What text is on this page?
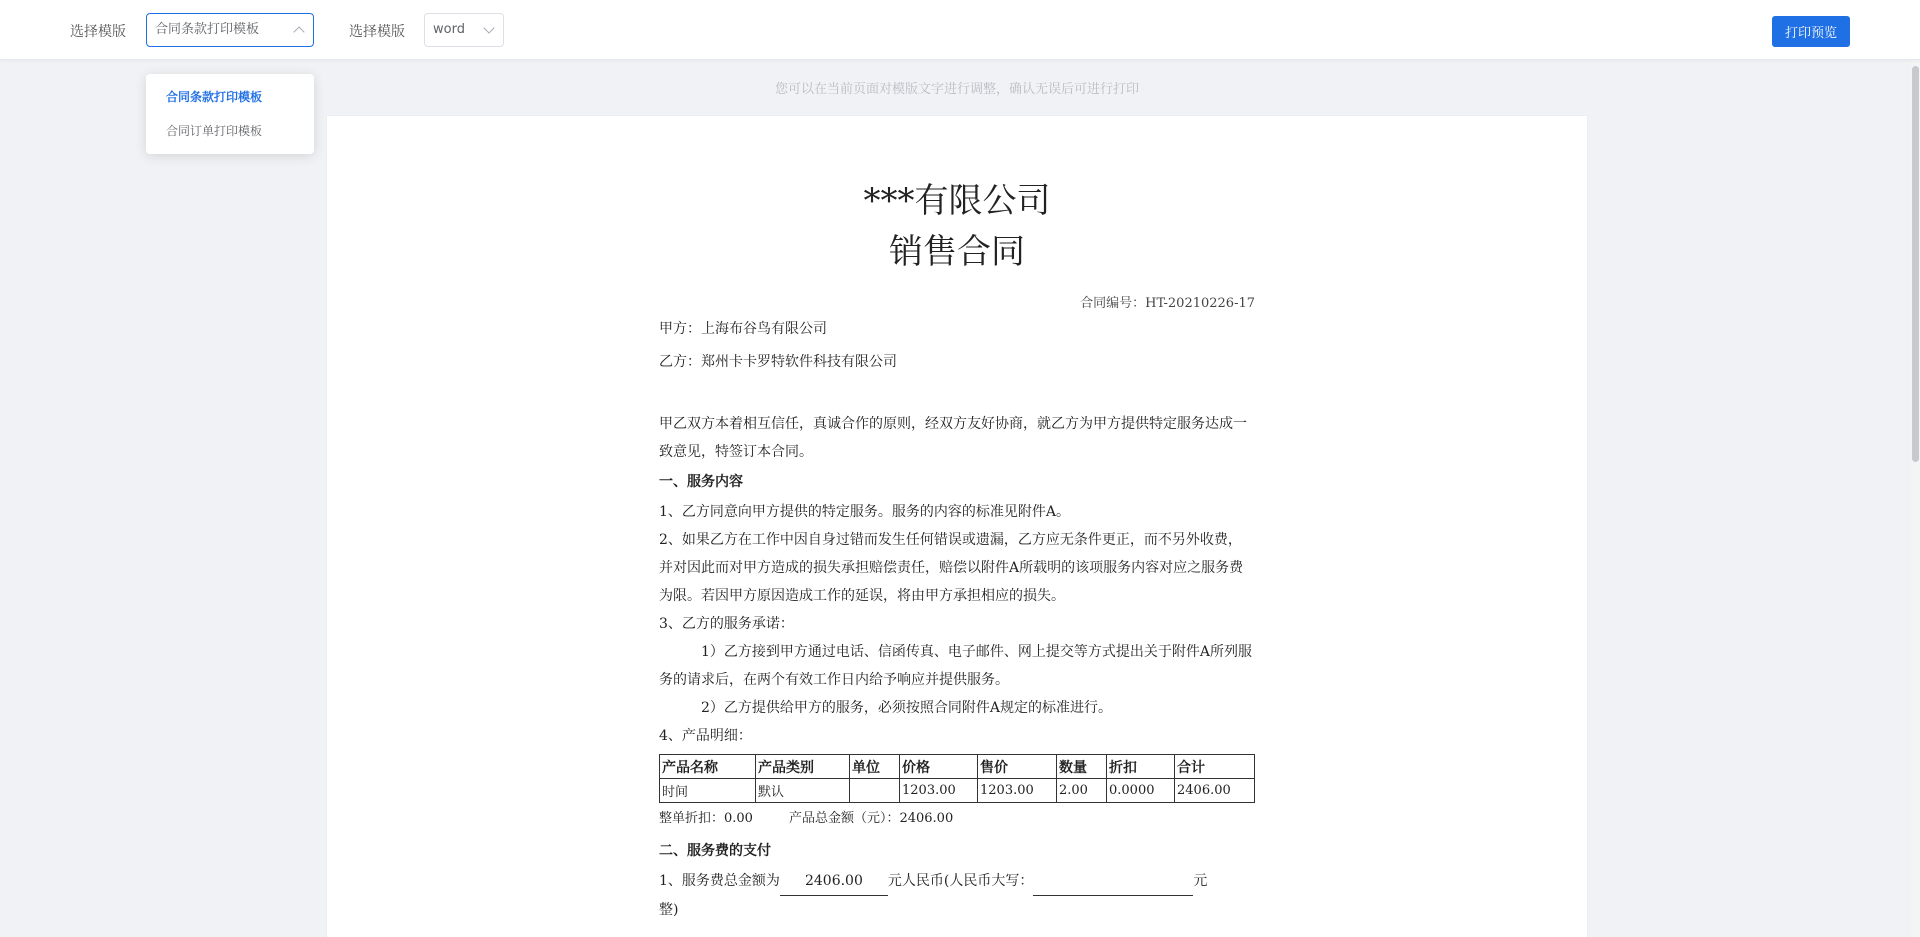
选择模版	合同条款打印模板	选择模版	word	打印预览
合同条款打印模板
合同订单打印模板
您可以在当前页面对模版文字进行调整，确认无误后可进行打印
***有限公司
销售合同
合同编号：HT-20210226-17
甲方：上海布谷鸟有限公司
乙方：郑州卡卡罗特软件科技有限公司
甲乙双方本着相互信任，真诚合作的原则，经双方友好协商，就乙方为甲方提供特定服务达成一致意见，特签订本合同。
一、服务内容
1、乙方同意向甲方提供的特定服务。服务的内容的标准见附件A。
2、如果乙方在工作中因自身过错而发生任何错误或遗漏，乙方应无条件更正，而不另外收费，并对因此而对甲方造成的损失承担赔偿责任，赔偿以附件A所载明的该项服务内容对应之服务费为限。若因甲方原因造成工作的延误，将由甲方承担相应的损失。
3、乙方的服务承诺：
1）乙方接到甲方通过电话、信函传真、电子邮件、网上提交等方式提出关于附件A所列服务的请求后，在两个有效工作日内给予响应并提供服务。
2）乙方提供给甲方的服务，必须按照合同附件A规定的标准进行。
4、产品明细：
产品名称	产品类别	单位	价格	售价	数量	折扣	合计
时间	默认		1203.00	1203.00	2.00	0.0000	2406.00
整单折扣：0.00	产品总金额（元）：2406.00
二、服务费的支付
1、服务费总金额为 2406.00 元人民币(人民币大写：	元
整)
